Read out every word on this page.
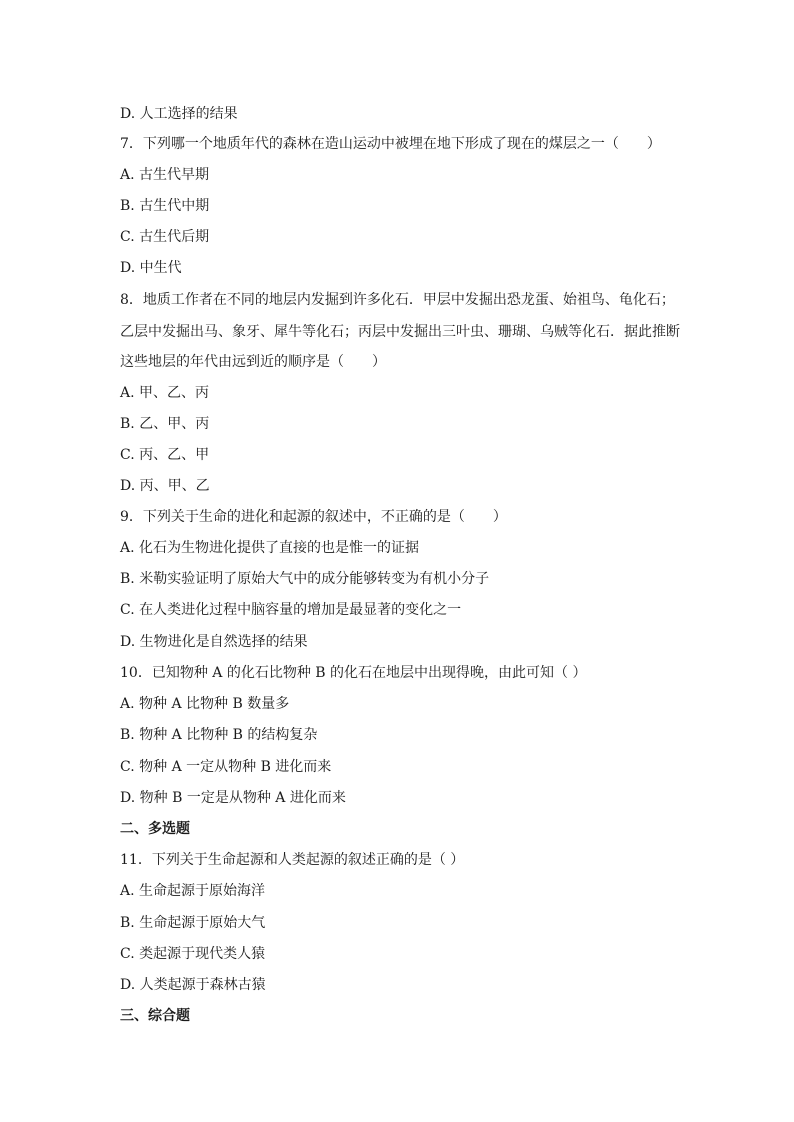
D. 人工选择的结果
7．下列哪一个地质年代的森林在造山运动中被埋在地下形成了现在的煤层之一（　　）
A. 古生代早期
B. 古生代中期
C. 古生代后期
D. 中生代
8．地质工作者在不同的地层内发掘到许多化石．甲层中发掘出恐龙蛋、始祖鸟、龟化石；
乙层中发掘出马、象牙、犀牛等化石；丙层中发掘出三叶虫、珊瑚、乌贼等化石．据此推断
这些地层的年代由远到近的顺序是（　　）
A. 甲、乙、丙
B. 乙、甲、丙
C. 丙、乙、甲
D. 丙、甲、乙
9．下列关于生命的进化和起源的叙述中，不正确的是（　　）
A. 化石为生物进化提供了直接的也是惟一的证据
B. 米勒实验证明了原始大气中的成分能够转变为有机小分子
C. 在人类进化过程中脑容量的增加是最显著的变化之一
D. 生物进化是自然选择的结果
10．已知物种 A 的化石比物种 B 的化石在地层中出现得晚，由此可知（ ）
A. 物种 A 比物种 B 数量多
B. 物种 A 比物种 B 的结构复杂
C. 物种 A 一定从物种 B 进化而来
D. 物种 B 一定是从物种 A 进化而来
二、多选题
11．下列关于生命起源和人类起源的叙述正确的是（ ）
A. 生命起源于原始海洋
B. 生命起源于原始大气
C. 类起源于现代类人猿
D. 人类起源于森林古猿
三、综合题
